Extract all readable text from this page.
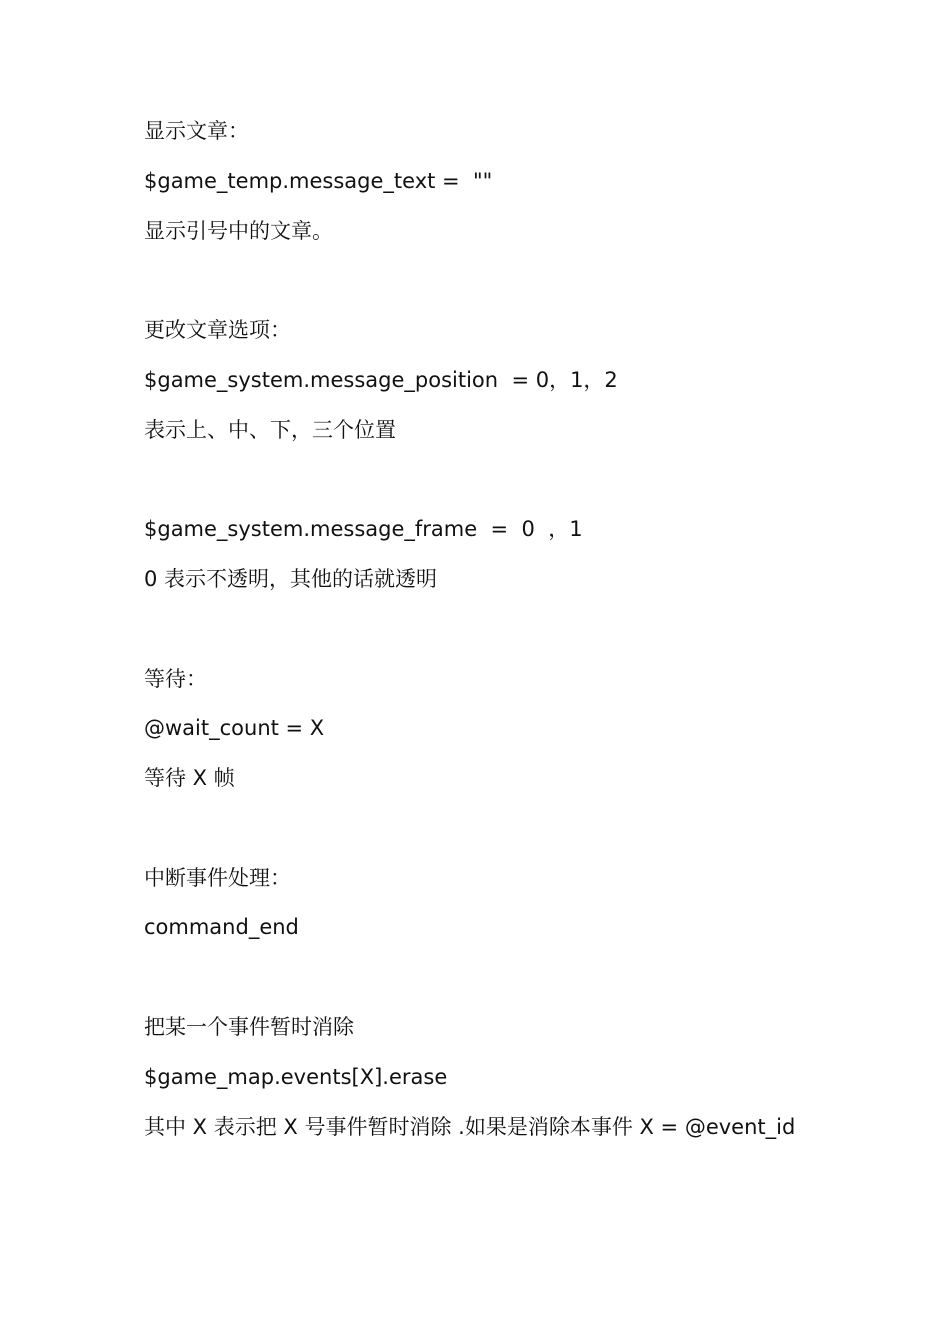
显示文章：
$game_temp.message_text =  ""
显示引号中的文章。
更改文章选项：
$game_system.message_position  = 0，1，2
表示上、中、下，三个位置
$game_system.message_frame  =  0  ，1
0 表示不透明，其他的话就透明
等待：
@wait_count = X
等待 X 帧
中断事件处理：
command_end
把某一个事件暂时消除
$game_map.events[X].erase
其中 X 表示把 X 号事件暂时消除 .如果是消除本事件 X = @event_id
